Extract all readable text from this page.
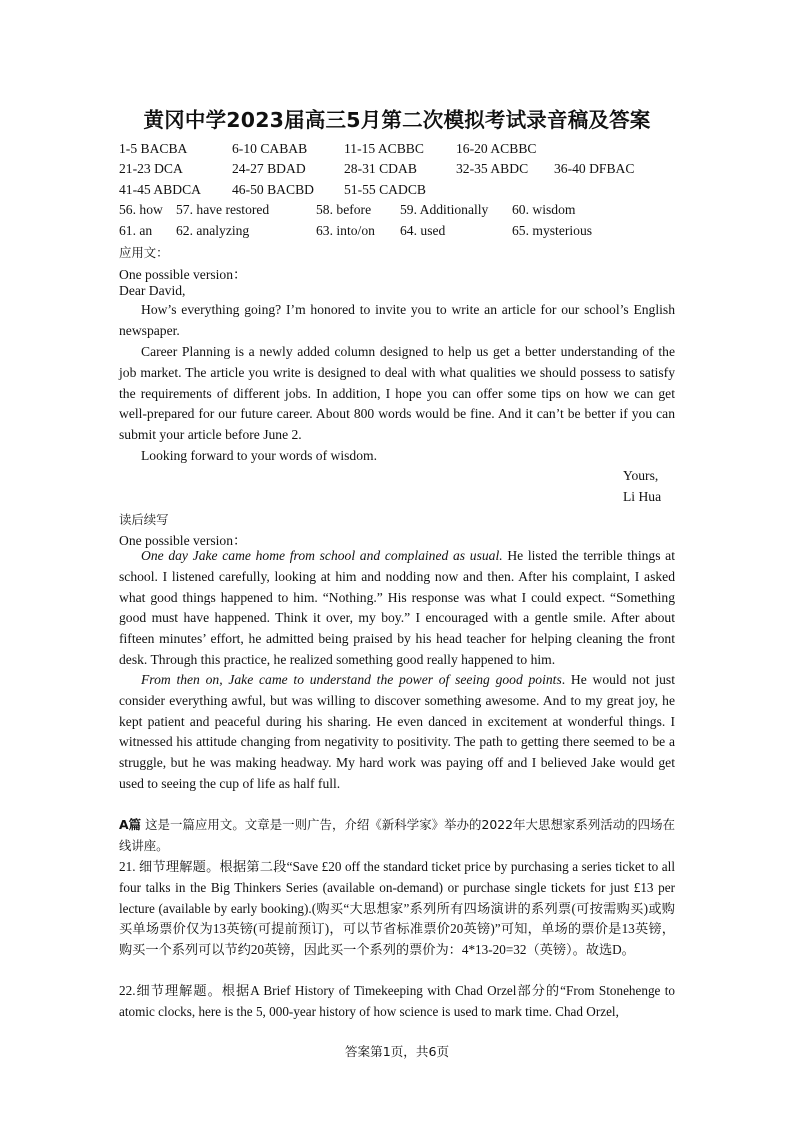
黄冈中学2023届高三5月第二次模拟考试录音稿及答案
1-5 BACBA	6-10 CABAB	11-15 ACBBC 16-20 ACBBC
21-23 DCA	24-27 BDAD	28-31 CDAB	32-35 ABDC 36-40 DFBAC
41-45 ABDCA 46-50 BACBD 51-55 CADCB
56. how 57. have restored	58. before 59. Additionally 60. wisdom
61. an 62. analyzing	63. into/on 64. used	65. mysterious
应用文：
One possible version：
Dear David,
How’s everything going? I’m honored to invite you to write an article for our school’s English newspaper.
Career Planning is a newly added column designed to help us get a better understanding of the job market. The article you write is designed to deal with what qualities we should possess to satisfy the requirements of different jobs. In addition, I hope you can offer some tips on how we can get well-prepared for our future career. About 800 words would be fine. And it can’t be better if you can submit your article before June 2.
Looking forward to your words of wisdom.
Yours,
Li Hua
读后续写
One possible version：
One day Jake came home from school and complained as usual. He listed the terrible things at school. I listened carefully, looking at him and nodding now and then. After his complaint, I asked what good things happened to him. “Nothing.” His response was what I could expect. “Something good must have happened. Think it over, my boy.” I encouraged with a gentle smile. After about fifteen minutes’ effort, he admitted being praised by his head teacher for helping cleaning the front desk. Through this practice, he realized something good really happened to him.
From then on, Jake came to understand the power of seeing good points. He would not just consider everything awful, but was willing to discover something awesome. And to my great joy, he kept patient and peaceful during his sharing. He even danced in excitement at wonderful things. I witnessed his attitude changing from negativity to positivity. The path to getting there seemed to be a struggle, but he was making headway. My hard work was paying off and I believed Jake would get used to seeing the cup of life as half full.
A篇 这是一篇应用文。文章是一则广告，介绍《新科学家》举办的2022年大思想家系列活动的四场在线讲座。
21. 细节理解题。根据第二段“Save £20 off the standard ticket price by purchasing a series ticket to all four talks in the Big Thinkers Series (available on-demand) or purchase single tickets for just £13 per lecture (available by early booking).(购买“大思想家”系列所有四场演讲的系列票(可按需购买)或购买单场票价仅为13英镑(可提前预订)，可以节省标准票价20英镑)”可知，单场的票价是13英镑，购买一个系列可以节约20英镑，因此买一个系列的票价为：4*13-20=32（英镑）。故选D。
22.细节理解题。根据A Brief History of Timekeeping with Chad Orzel部分的“From Stonehenge to atomic clocks, here is the 5, 000-year history of how science is used to mark time. Chad Orzel,
答案第1页，共6页
